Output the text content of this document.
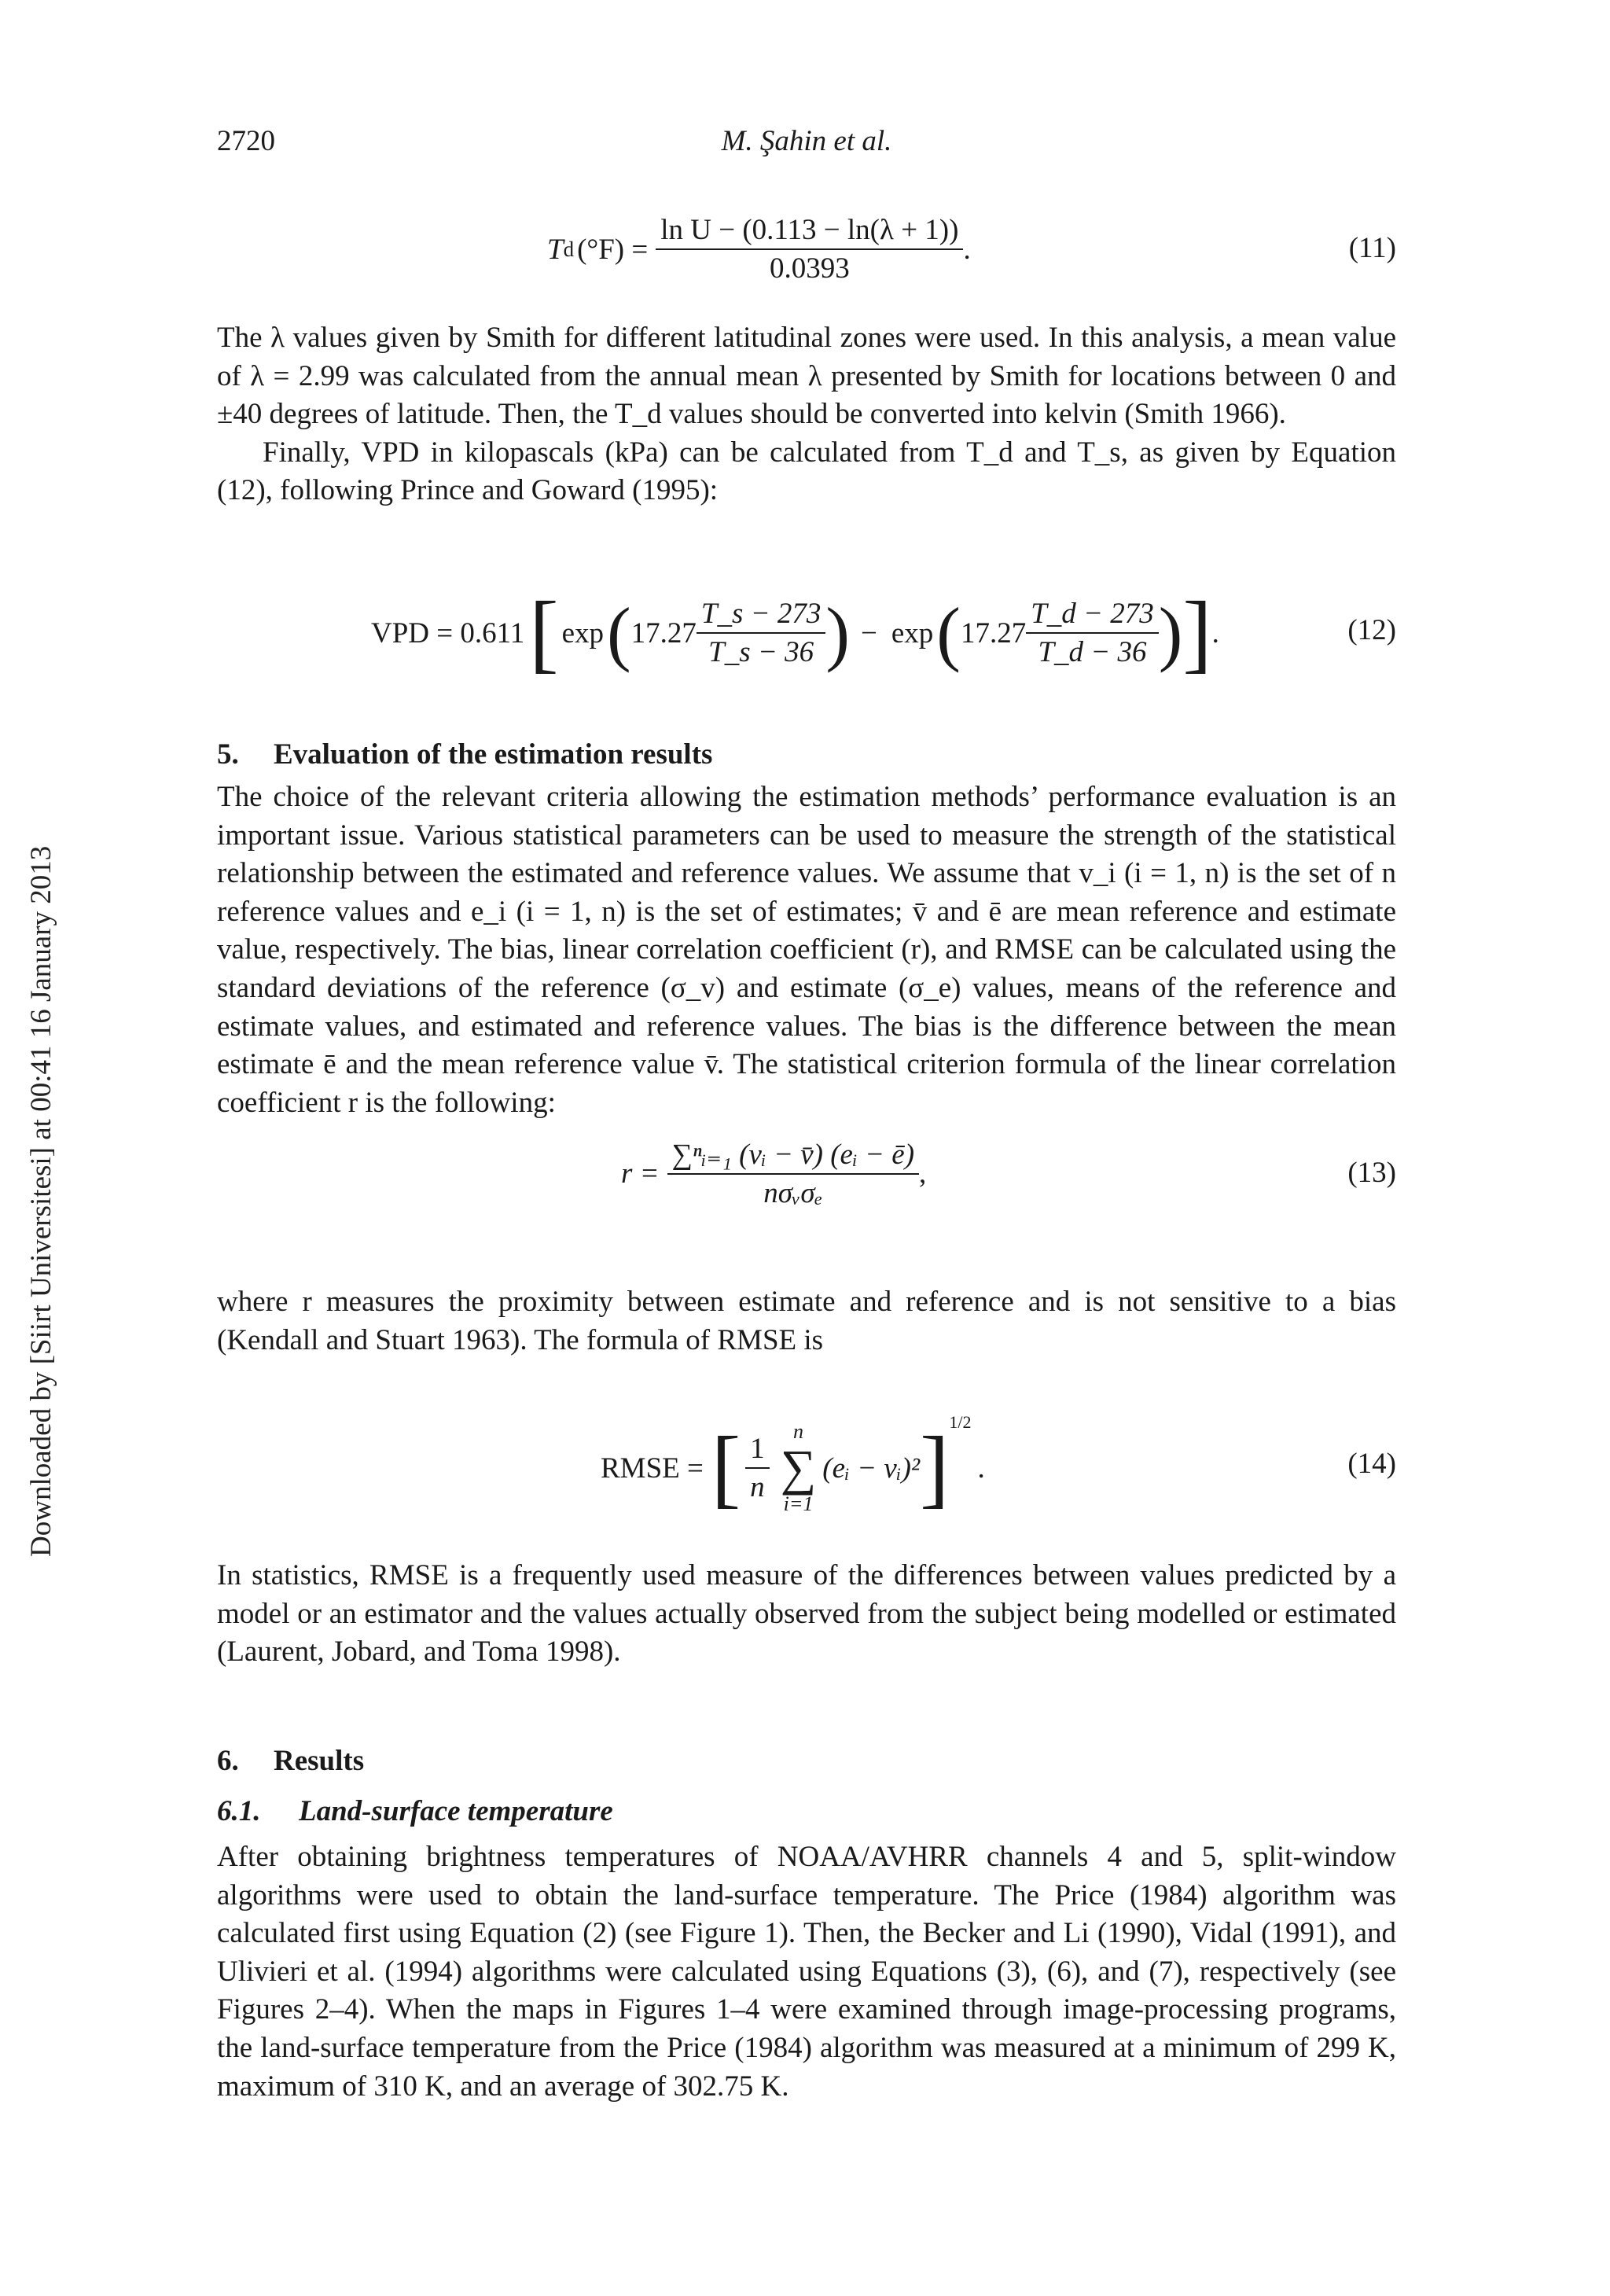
Downloaded by [Siirt Universitesi] at 00:41 16 January 2013
2720	M. Şahin et al.
T d $(^\circ F) = \frac{\text{ln U − (0.113 − ln(λ + 1))}}{0.0393}$ .	(11)

The λ values given by Smith for different latitudinal zones were used. In this analysis, a mean value of λ = 2.99 was calculated from the annual mean λ presented by Smith for locations between 0 and ±40 degrees of latitude. Then, the T_d values should be converted into kelvin (Smith 1966).

Finally, VPD in kilopascals (kPa) can be calculated from T_d and T_s, as given by Equation (12), following Prince and Goward (1995):

VPD = 0.611 [ exp ( $17.27 \frac{T\_s - 273}{T\_s - 36}$ ) − exp ( $17.27 \frac{T\_d - 273}{T\_d - 36}$ ) ] .	(12)

5. Evaluation of the estimation results

The choice of the relevant criteria allowing the estimation methods’ performance evaluation is an important issue. Various statistical parameters can be used to measure the strength of the statistical relationship between the estimated and reference values. We assume that v_i (i = 1, n) is the set of n reference values and e_i (i = 1, n) is the set of estimates; v̄ and ē are mean reference and estimate value, respectively. The bias, linear correlation coefficient (r), and RMSE can be calculated using the standard deviations of the reference (σ_v) and estimate (σ_e) values, means of the reference and estimate values, and estimated and reference values. The bias is the difference between the mean estimate ē and the mean reference value v̄. The statistical criterion formula of the linear correlation coefficient r is the following:

$r = \frac{\text{∑ⁿᵢ₌₁ (vᵢ − v̄) (eᵢ − ē)}}{\text{nσᵥσₑ}}$ ,	(13)

where r measures the proximity between estimate and reference and is not sensitive to a bias (Kendall and Stuart 1963). The formula of RMSE is

RMSE = [ $\frac{1}{n}$
n
∑
i=1
(eᵢ − vᵢ)² ] 1/2
.	(14)

In statistics, RMSE is a frequently used measure of the differences between values predicted by a model or an estimator and the values actually observed from the subject being modelled or estimated (Laurent, Jobard, and Toma 1998).

6. Results

6.1. Land-surface temperature

After obtaining brightness temperatures of NOAA/AVHRR channels 4 and 5, split-window algorithms were used to obtain the land-surface temperature. The Price (1984) algorithm was calculated first using Equation (2) (see Figure 1). Then, the Becker and Li (1990), Vidal (1991), and Ulivieri et al. (1994) algorithms were calculated using Equations (3), (6), and (7), respectively (see Figures 2–4). When the maps in Figures 1–4 were examined through image-processing programs, the land-surface temperature from the Price (1984) algorithm was measured at a minimum of 299 K, maximum of 310 K, and an average of 302.75 K.
